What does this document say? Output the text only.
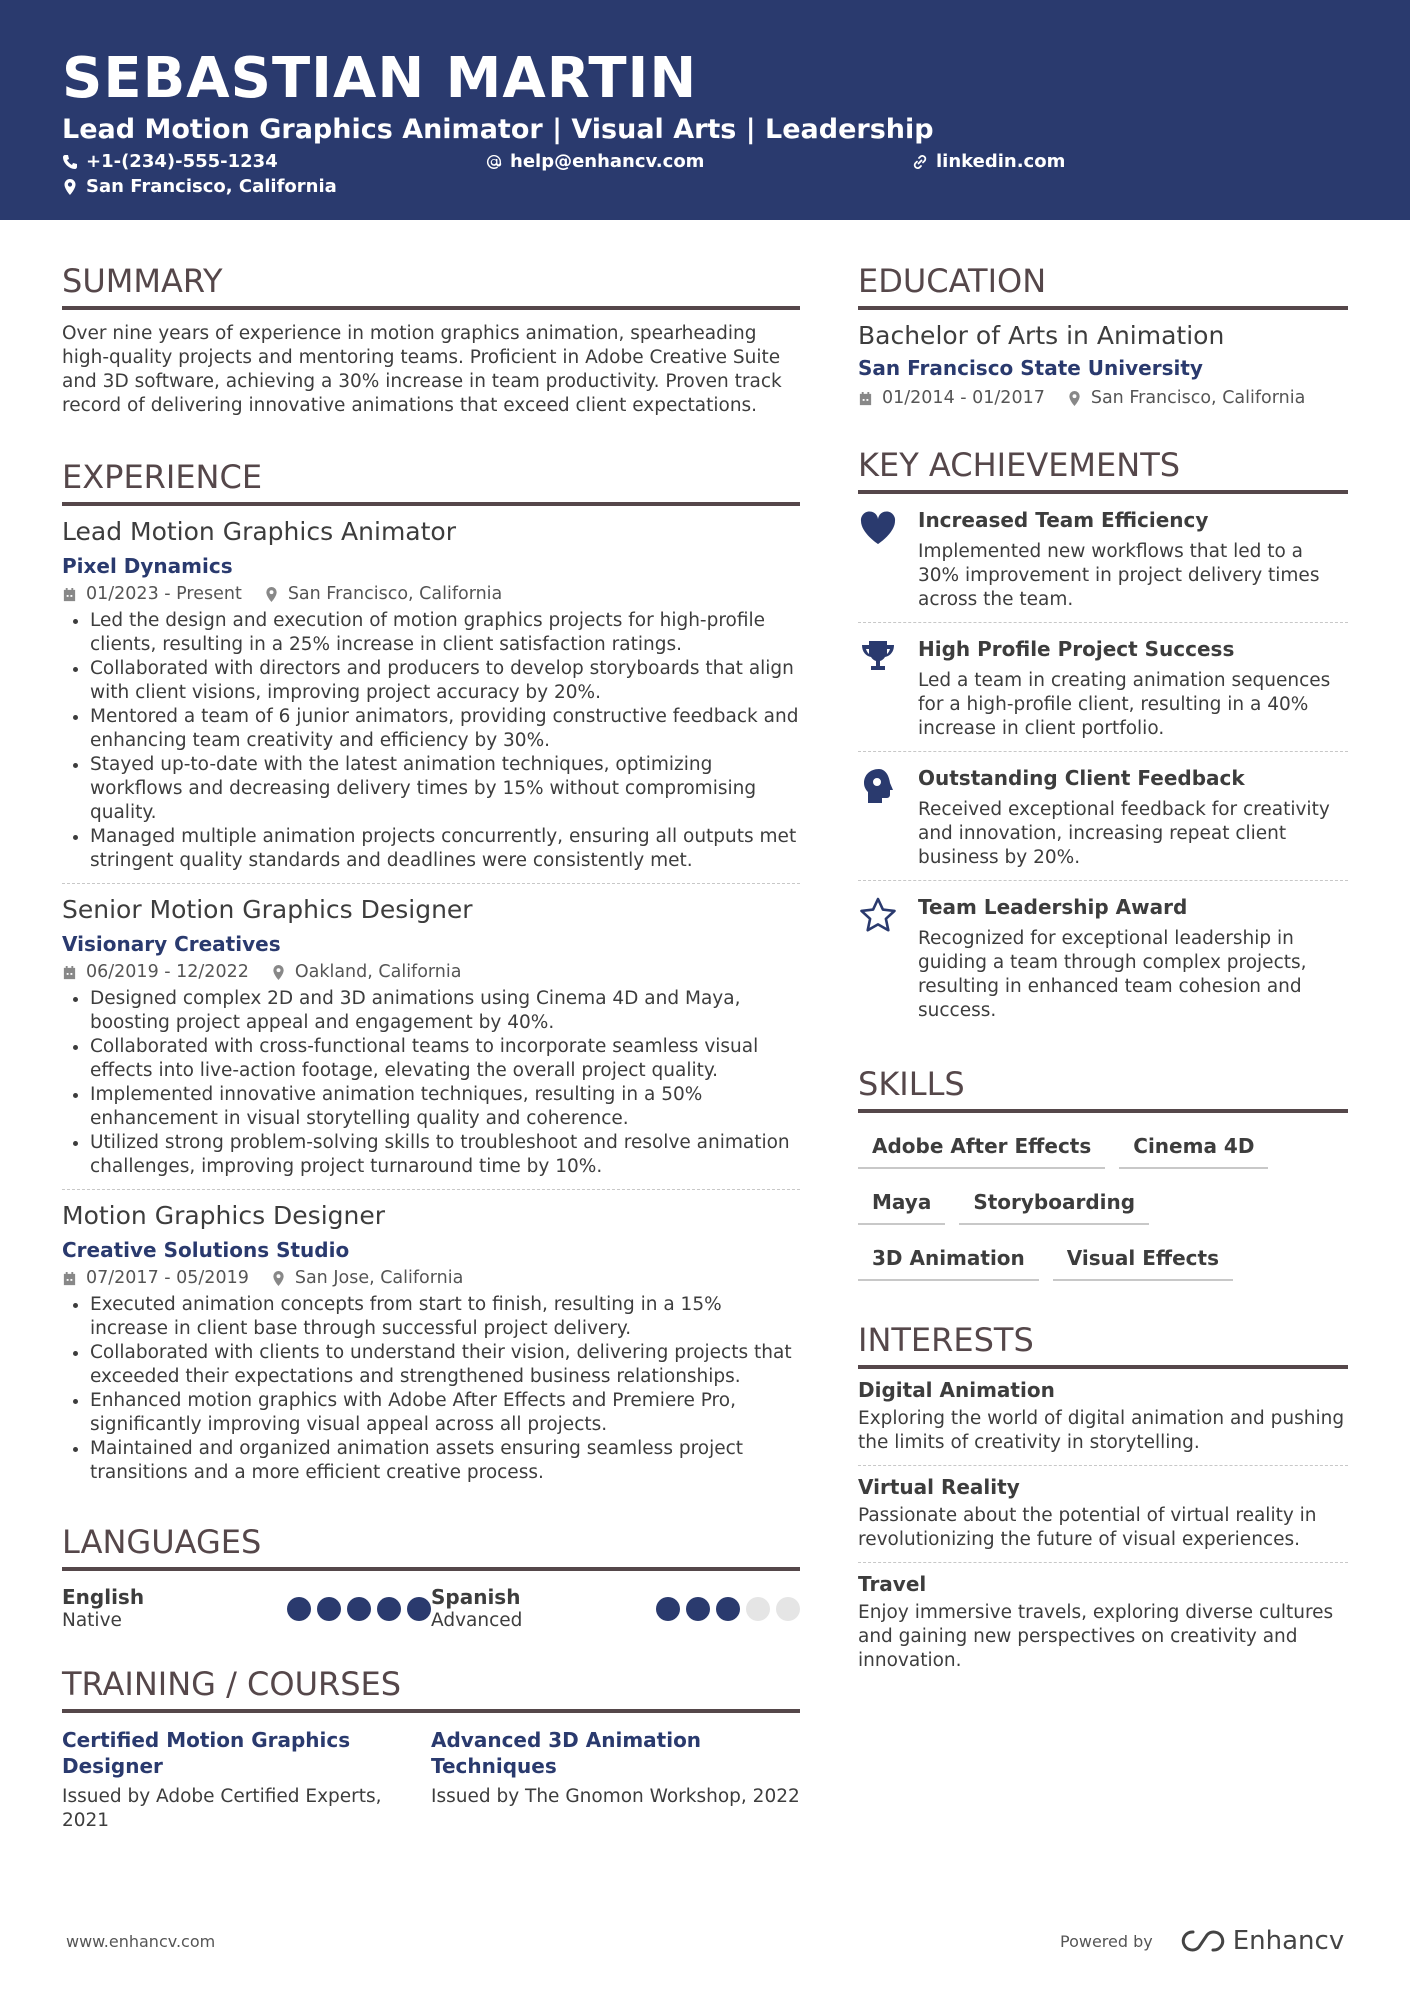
SEBASTIAN MARTIN
Lead Motion Graphics Animator | Visual Arts | Leadership
+1-(234)-555-1234	help@enhancv.com	linkedin.com
San Francisco, California
SUMMARY
Over nine years of experience in motion graphics animation, spearheading high-quality projects and mentoring teams. Proficient in Adobe Creative Suite and 3D software, achieving a 30% increase in team productivity. Proven track record of delivering innovative animations that exceed client expectations.
EXPERIENCE
Lead Motion Graphics Animator
Pixel Dynamics
01/2023 - Present	San Francisco, California
• Led the design and execution of motion graphics projects for high-profile clients, resulting in a 25% increase in client satisfaction ratings.
• Collaborated with directors and producers to develop storyboards that align with client visions, improving project accuracy by 20%.
• Mentored a team of 6 junior animators, providing constructive feedback and enhancing team creativity and efficiency by 30%.
• Stayed up-to-date with the latest animation techniques, optimizing workflows and decreasing delivery times by 15% without compromising quality.
• Managed multiple animation projects concurrently, ensuring all outputs met stringent quality standards and deadlines were consistently met.
Senior Motion Graphics Designer
Visionary Creatives
06/2019 - 12/2022	Oakland, California
• Designed complex 2D and 3D animations using Cinema 4D and Maya, boosting project appeal and engagement by 40%.
• Collaborated with cross-functional teams to incorporate seamless visual effects into live-action footage, elevating the overall project quality.
• Implemented innovative animation techniques, resulting in a 50% enhancement in visual storytelling quality and coherence.
• Utilized strong problem-solving skills to troubleshoot and resolve animation challenges, improving project turnaround time by 10%.
Motion Graphics Designer
Creative Solutions Studio
07/2017 - 05/2019	San Jose, California
• Executed animation concepts from start to finish, resulting in a 15% increase in client base through successful project delivery.
• Collaborated with clients to understand their vision, delivering projects that exceeded their expectations and strengthened business relationships.
• Enhanced motion graphics with Adobe After Effects and Premiere Pro, significantly improving visual appeal across all projects.
• Maintained and organized animation assets ensuring seamless project transitions and a more efficient creative process.
LANGUAGES
English
Native
Spanish
Advanced
TRAINING / COURSES
Certified Motion Graphics Designer
Issued by Adobe Certified Experts, 2021
Advanced 3D Animation Techniques
Issued by The Gnomon Workshop, 2022
EDUCATION
Bachelor of Arts in Animation
San Francisco State University
01/2014 - 01/2017	San Francisco, California
KEY ACHIEVEMENTS
Increased Team Efficiency
Implemented new workflows that led to a 30% improvement in project delivery times across the team.
High Profile Project Success
Led a team in creating animation sequences for a high-profile client, resulting in a 40% increase in client portfolio.
Outstanding Client Feedback
Received exceptional feedback for creativity and innovation, increasing repeat client business by 20%.
Team Leadership Award
Recognized for exceptional leadership in guiding a team through complex projects, resulting in enhanced team cohesion and success.
SKILLS
Adobe After Effects	Cinema 4D
Maya	Storyboarding
3D Animation	Visual Effects
INTERESTS
Digital Animation
Exploring the world of digital animation and pushing the limits of creativity in storytelling.
Virtual Reality
Passionate about the potential of virtual reality in revolutionizing the future of visual experiences.
Travel
Enjoy immersive travels, exploring diverse cultures and gaining new perspectives on creativity and innovation.
www.enhancv.com	Powered by	Enhancv
